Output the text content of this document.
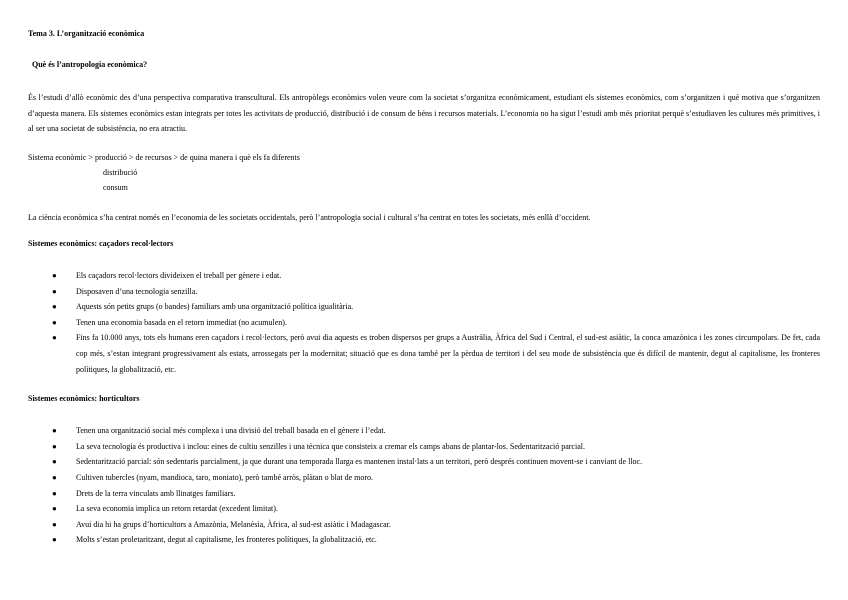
Tema 3. L’organització econòmica
Què és l’antropologia econòmica?

És l’estudi d’allò econòmic des d’una perspectiva comparativa transcultural. Els antropòlegs econòmics volen veure com la societat s’organitza econòmicament, estudiant els sistemes econòmics, com s’organitzen i què motiva que s’organitzen d’aquesta manera. Els sistemes econòmics estan integrats per totes les activitats de producció, distribució i de consum de béns i recursos materials. L’economia no ha sigut l’estudi amb més prioritat perquè s’estudiaven les cultures més primitives, i al ser una societat de subsistència, no era atractiu.

Sistema econòmic > producció > de recursos > de quina manera i què els fa diferents
distribució
consum

La ciència econòmica s’ha centrat només en l’economia de les societats occidentals, però l’antropologia social i cultural s’ha centrat en totes les societats, més enllà d’occident.

Sistemes econòmics: caçadors recol·lectors
● Els caçadors recol·lectors divideixen el treball per gènere i edat.
● Disposaven d’una tecnologia senzilla.
● Aquests són petits grups (o bandes) familiars amb una organització política igualitària.
● Tenen una economia basada en el retorn immediat (no acumulen).
● Fins fa 10.000 anys, tots els humans eren caçadors i recol·lectors, però avui dia aquests es troben dispersos per grups a Austràlia, Àfrica del Sud i Central, el sud-est asiàtic, la conca amazònica i les zones circumpolars. De fet, cada cop més, s’estan integrant progressivament als estats, arrossegats per la modernitat; situació que es dona també per la pèrdua de territori i del seu mode de subsistència que és difícil de mantenir, degut al capitalisme, les fronteres polítiques, la globalització, etc.
Sistemes econòmics: horticultors
● Tenen una organització social més complexa i una divisió del treball basada en el gènere i l’edat.
● La seva tecnologia és productiva i inclou: eines de cultiu senzilles i una tècnica que consisteix a cremar els camps abans de plantar-los. Sedentarització parcial.
● Sedentarització parcial: són sedentaris parcialment, ja que durant una temporada llarga es mantenen instal·lats a un territori, però després continuen movent-se i canviant de lloc.
● Cultiven tubercles (nyam, mandioca, taro, moniato), però també arròs, plàtan o blat de moro.
● Drets de la terra vinculats amb llinatges familiars.
● La seva economia implica un retorn retardat (excedent limitat).
● Avui dia hi ha grups d’horticultors a Amazònia, Melanèsia, Àfrica, al sud-est asiàtic i Madagascar.
● Molts s’estan proletaritzant, degut al capitalisme, les fronteres polítiques, la globalització, etc.
